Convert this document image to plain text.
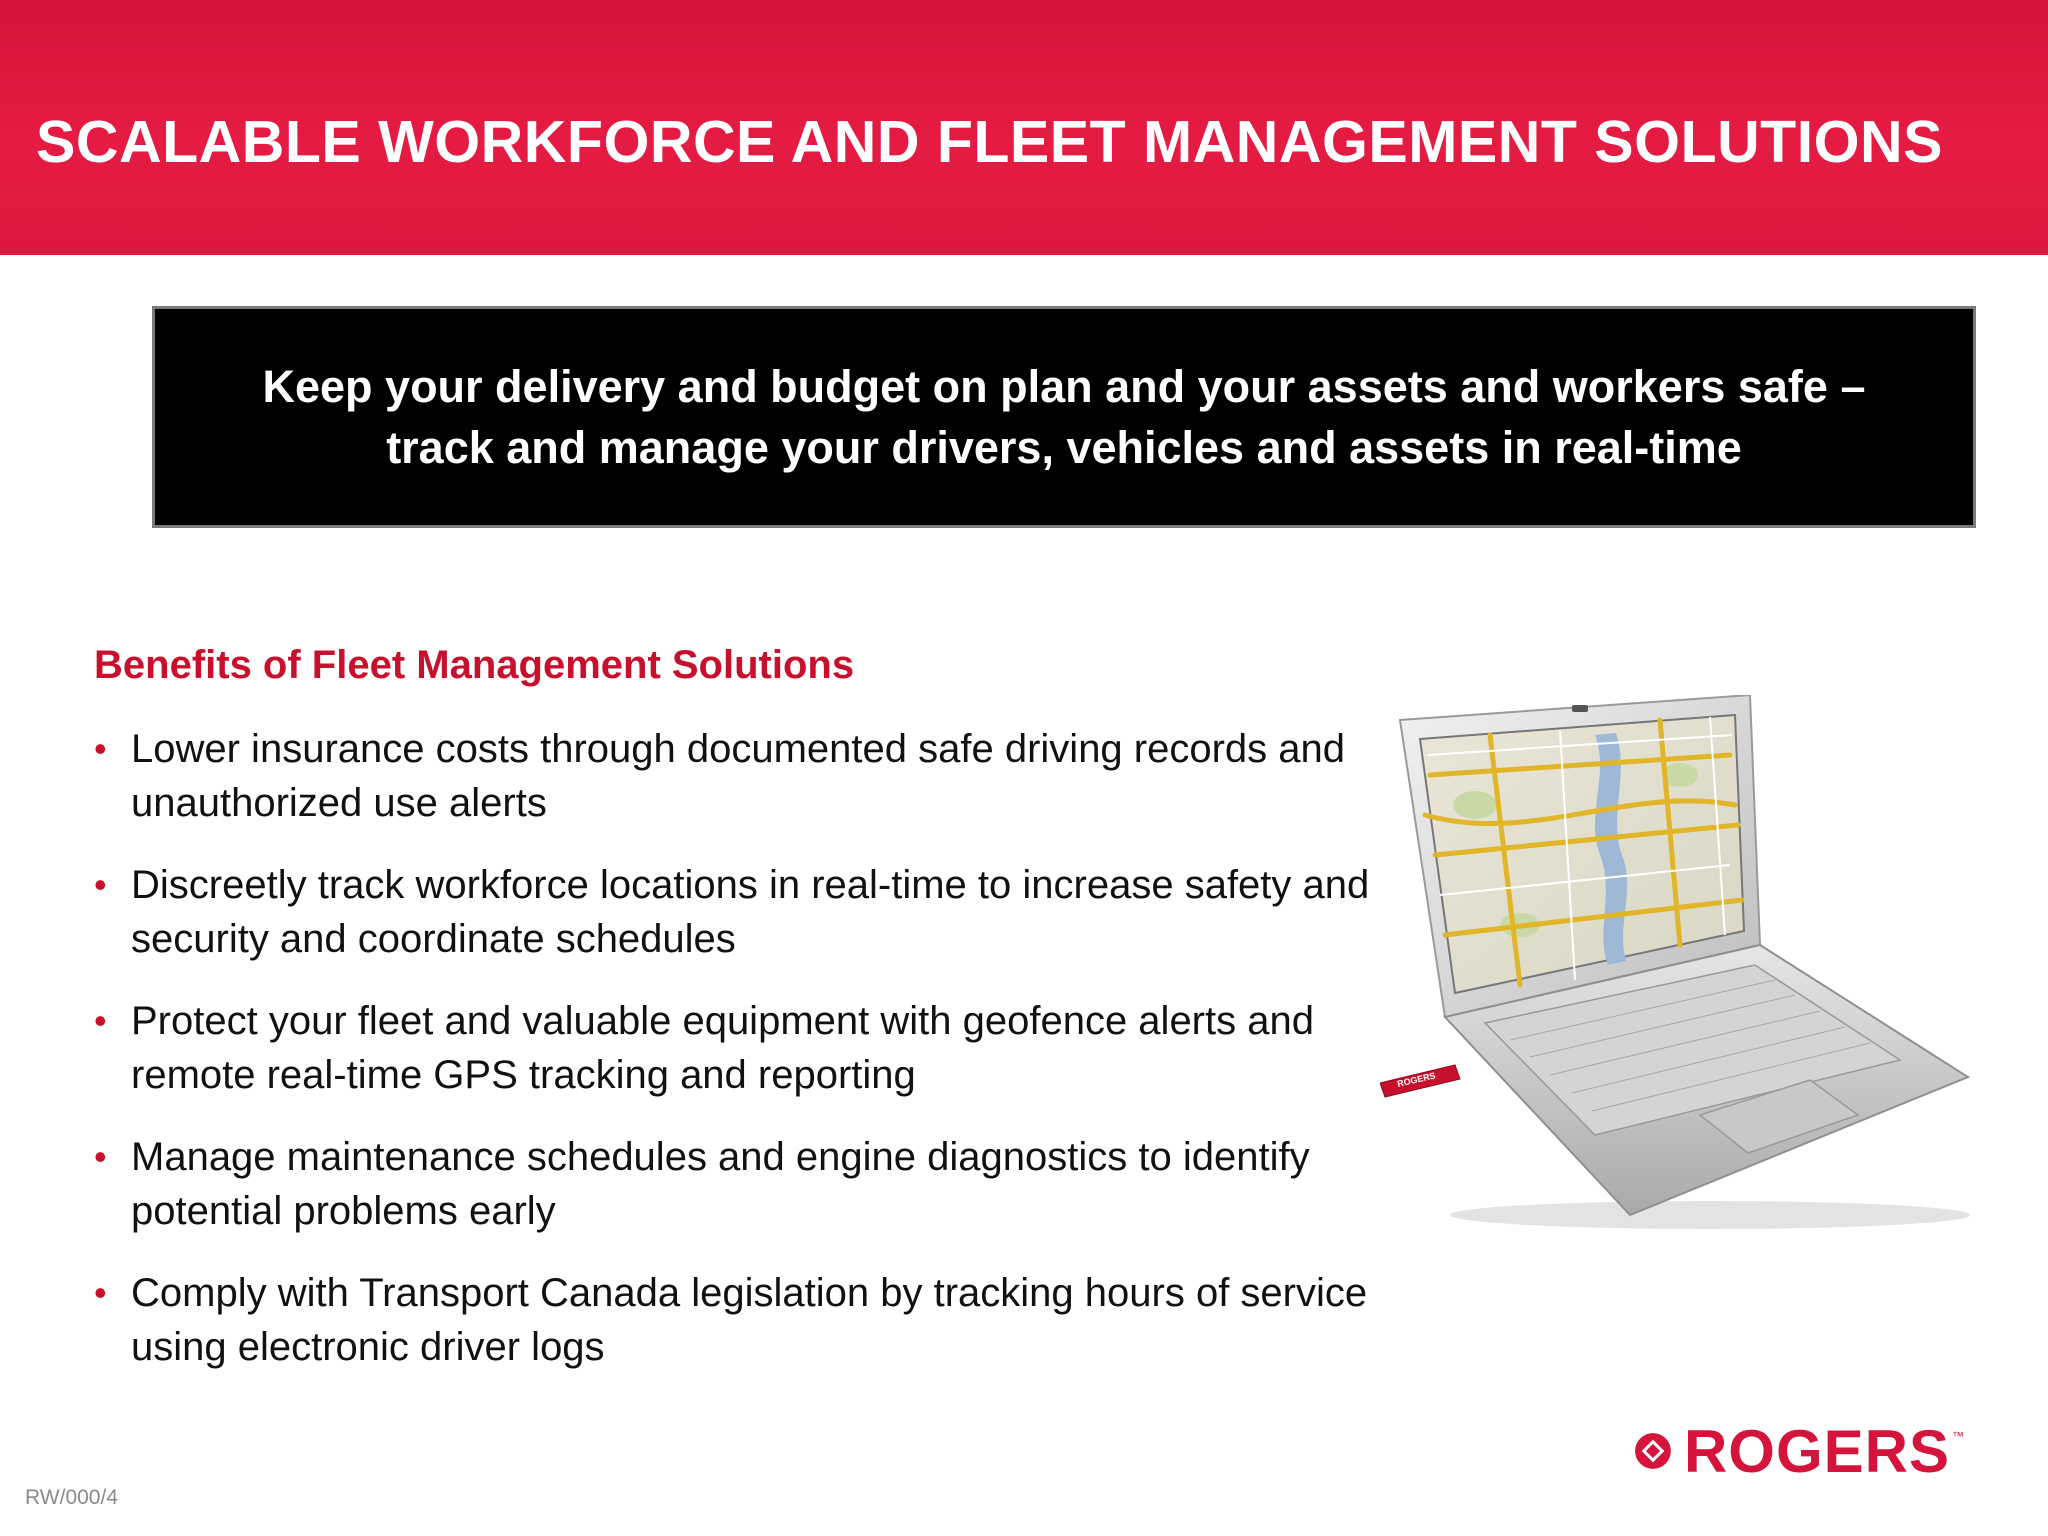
SCALABLE WORKFORCE AND FLEET MANAGEMENT SOLUTIONS

Keep your delivery and budget on plan and your assets and workers safe – track and manage your drivers, vehicles and assets in real-time

Benefits of Fleet Management Solutions
• Lower insurance costs through documented safe driving records and unauthorized use alerts
• Discreetly track workforce locations in real-time to increase safety and security and coordinate schedules
• Protect your fleet and valuable equipment with geofence alerts and remote real-time GPS tracking and reporting
• Manage maintenance schedules and engine diagnostics to identify potential problems early
• Comply with Transport Canada legislation by tracking hours of service using electronic driver logs
ROGERS

RW/000/4

ROGERS ™
